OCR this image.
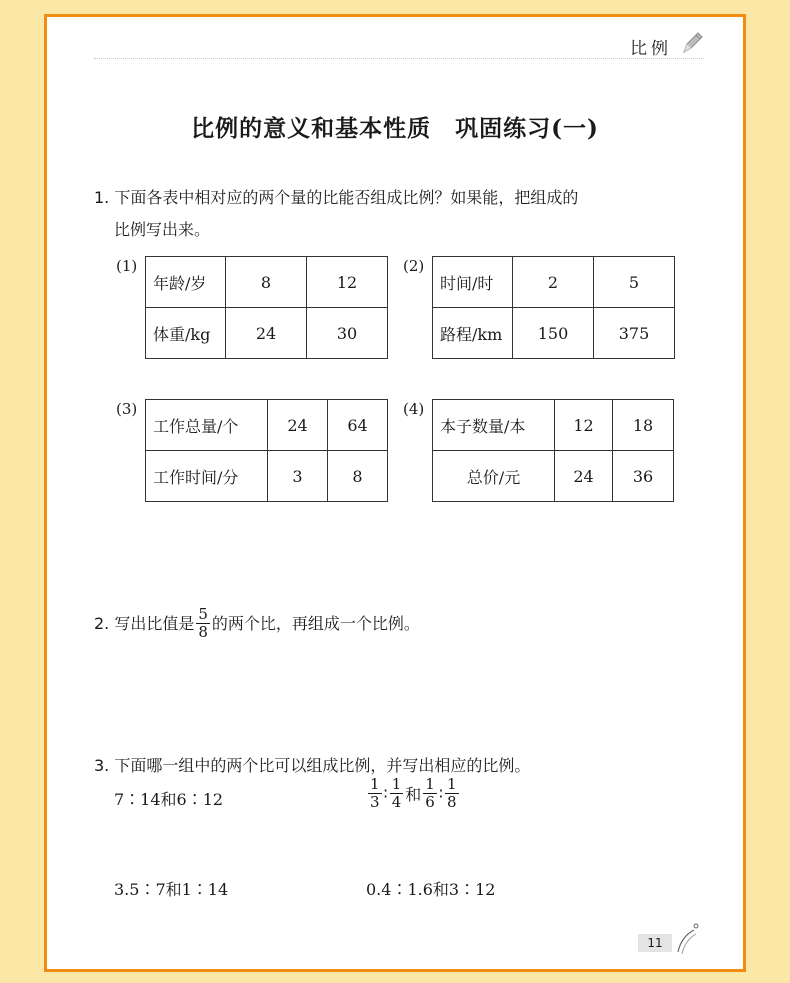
比例
比例的意义和基本性质　巩固练习(一)
1. 下面各表中相对应的两个量的比能否组成比例？如果能，把组成的
比例写出来。
(1)
年龄/岁	8	12
体重/kg	24	30
(2)
时间/时	2	5
路程/km	150	375
(3)
工作总量/个	24	64
工作时间/分	3	8
(4)
本子数量/本	12	18
总价/元	24	36
2. 写出比值是 $\frac{5}{8}$ 的两个比，再组成一个比例。
3. 下面哪一组中的两个比可以组成比例，并写出相应的比例。
7∶14和6∶12	$\frac{1}{3}$ ∶ $\frac{1}{4}$ 和 $\frac{1}{6}$ ∶ $\frac{1}{8}$
3.5∶7和1∶14	0.4∶1.6和3∶12
11
